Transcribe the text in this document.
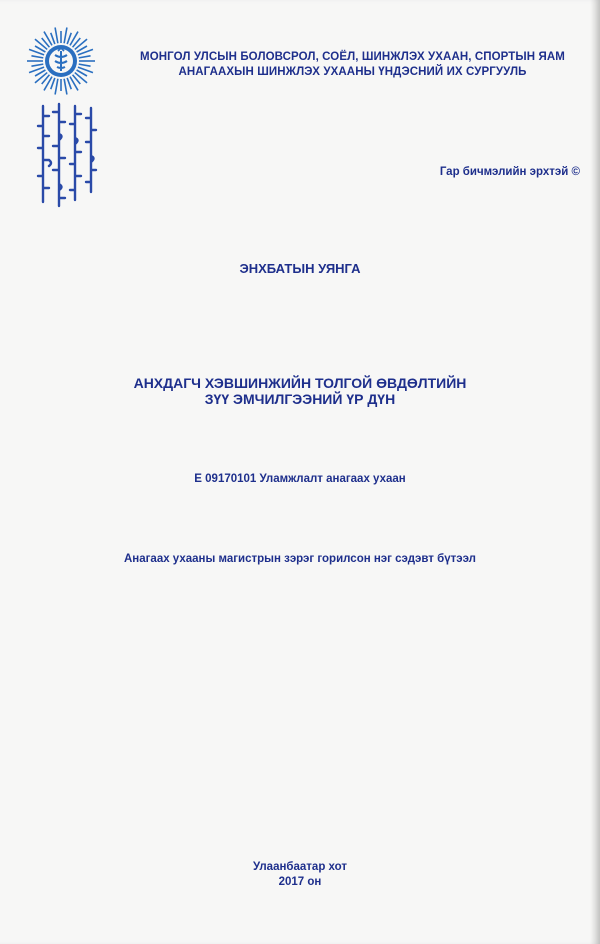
МОНГОЛ УЛСЫН БОЛОВСРОЛ, СОЁЛ, ШИНЖЛЭХ УХААН, СПОРТЫН ЯАМ
АНАГААХЫН ШИНЖЛЭХ УХААНЫ ҮНДЭСНИЙ ИХ СУРГУУЛЬ
Гар бичмэлийн эрхтэй ©
ЭНХБАТЫН УЯНГА
АНХДАГЧ ХЭВШИНЖИЙН ТОЛГОЙ ӨВДӨЛТИЙН
ЗҮҮ ЭМЧИЛГЭЭНИЙ ҮР ДҮН
Е 09170101 Уламжлалт анагаах ухаан
Анагаах ухааны магистрын зэрэг горилсон нэг сэдэвт бүтээл
Улаанбаатар хот
2017 он
